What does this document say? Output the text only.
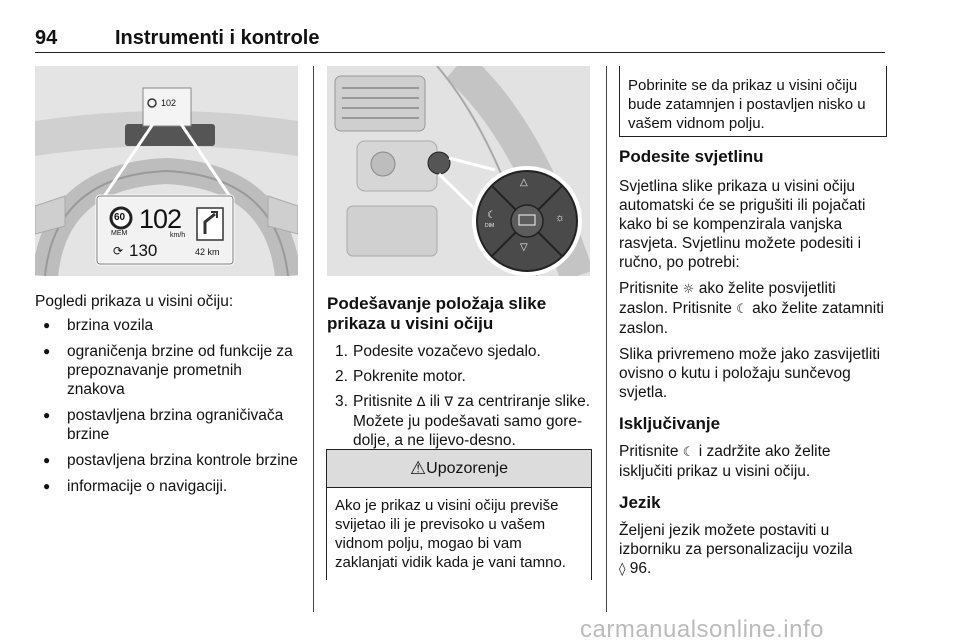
94	Instrumenti i kontrole
102
60
MEM 102
km/h
⟳ 130	42 km
△
▽
☾
DIM
☼

Pogledi prikaza u visini očiju:

● brzina vozila
● ograničenja brzine od funkcije za prepoznavanje prometnih znakova
● postavljena brzina ograničivača brzine
● postavljena brzina kontrole brzine
● informacije o navigaciji.
Podešavanje položaja slike prikaza u visini očiju
1. Podesite vozačevo sjedalo.
2. Pokrenite motor.
3. Pritisnite ∆ ili ∇ za centriranje slike. Možete ju podešavati samo gore-dolje, a ne lijevo-desno.
⚠ Upozorenje
Ako je prikaz u visini očiju previše svijetao ili je previsoko u vašem vidnom polju, mogao bi vam zaklanjati vidik kada je vani tamno.
Pobrinite se da prikaz u visini očiju bude zatamnjen i postavljen nisko u vašem vidnom polju.
Podesite svjetlinu

Svjetlina slike prikaza u visini očiju automatski će se prigušiti ili pojačati kako bi se kompenzirala vanjska rasvjeta. Svjetlinu možete podesiti i ručno, po potrebi:

Pritisnite ☼ ako želite posvijetliti zaslon. Pritisnite ☾ ako želite zatamniti zaslon.

Slika privremeno može jako zasvijetliti ovisno o kutu i položaju sunčevog svjetla.

Isključivanje

Pritisnite ☾ i zadržite ako želite isključiti prikaz u visini očiju.

Jezik

Željeni jezik možete postaviti u izborniku za personalizaciju vozila
◊ 96.

carmanualsonline.info
